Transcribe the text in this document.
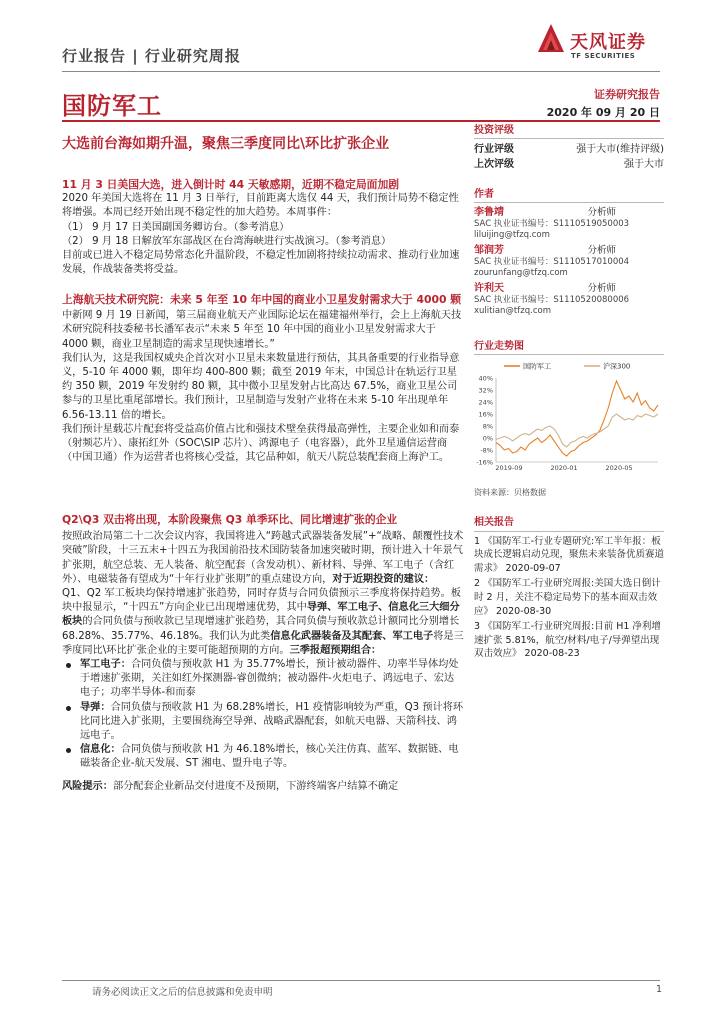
行业报告 | 行业研究周报
天风证券
TF SECURITIES
国防军工	证券研究报告
2020 年 09 月 20 日
大选前台海如期升温，聚焦三季度同比\环比扩张企业

11 月 3 日美国大选，进入倒计时 44 天敏感期，近期不稳定局面加剧

2020 年美国大选将在 11 月 3 日举行，目前距离大选仅 44 天，我们预计局势不稳定性将增强。本周已经开始出现不稳定性的加大趋势。本周事件：

（1） 9 月 17 日美国副国务卿访台。（参考消息）

（2） 9 月 18 日解放军东部战区在台湾海峡进行实战演习。（参考消息）

目前或已进入不稳定局势常态化升温阶段，不稳定性加剧将持续拉动需求、推动行业加速发展，作战装备类将受益。

上海航天技术研究院：未来 5 年至 10 年中国的商业小卫星发射需求大于 4000 颗

中新网 9 月 19 日新闻，第三届商业航天产业国际论坛在福建福州举行，会上上海航天技术研究院科技委秘书长潘军表示“未来 5 年至 10 年中国的商业小卫星发射需求大于 4000 颗，商业卫星制造的需求呈现快速增长。”

我们认为，这是我国权威央企首次对小卫星未来数量进行预估，其具备重要的行业指导意义，5-10 年 4000 颗，即年均 400-800 颗；截至 2019 年末，中国总计在轨运行卫星约 350 颗，2019 年发射约 80 颗，其中微小卫星发射占比高达 67.5%，商业卫星公司参与的卫星比重尾部增长。我们预计，卫星制造与发射产业将在未来 5-10 年出现单年 6.56-13.11 倍的增长。

我们预计星载芯片配套将受益高价值占比和强技术壁垒获得最高弹性，主要企业如和而泰（射频芯片）、康拓红外（SOC\SIP 芯片）、鸿源电子（电容器），此外卫星通信运营商（中国卫通）作为运营者也将核心受益，其它品种如，航天八院总装配套商上海沪工。

Q2\Q3 双击将出现，本阶段聚焦 Q3 单季环比、同比增速扩张的企业

按照政治局第二十二次会议内容，我国将进入“跨越式武器装备发展”+“战略、颠覆性技术突破”阶段，十三五末+十四五为我国前沿技术国防装备加速突破时期，预计进入十年景气扩张期，航空总装、无人装备、航空配套（含发动机）、新材料、导弹、军工电子（含红外）、电磁装备有望成为“十年行业扩张期”的重点建设方向，对于近期投资的建议：

Q1、Q2 军工板块均保持增速扩张趋势，同时存货与合同负债预示三季度将保持趋势。板块中报显示，“十四五”方向企业已出现增速优势，其中导弹、军工电子、信息化三大细分板块的合同负债与预收款已呈现增速扩张趋势，其合同负债与预收款总计额同比分别增长 68.28%、35.77%、46.18%。我们认为此类信息化武器装备及其配套、军工电子将是三季度同比\环比扩张企业的主要可能超预期的方向。三季报超预期组合：

军工电子：合同负债与预收款 H1 为 35.77%增长，预计被动器件、功率半导体均处于增速扩张期，关注如红外探测器-睿创微纳；被动器件-火炬电子、鸿远电子、宏达电子；功率半导体-和而泰
导弹：合同负债与预收款 H1 为 68.28%增长，H1 疫情影响较为严重，Q3 预计将环比同比进入扩张期，主要围绕海空导弹、战略武器配套，如航天电器、天箭科技、鸿远电子。
信息化：合同负债与预收款 H1 为 46.18%增长，核心关注仿真、蓝军、数据链、电磁装备企业-航天发展、ST 湘电、盟升电子等。

风险提示：部分配套企业新品交付进度不及预期，下游终端客户结算不确定

投资评级
行业评级	强于大市(维持评级)
上次评级	强于大市
作者
李鲁靖	分析师
SAC 执业证书编号：S1110519050003
liluijing@tfzq.com
邹润芳	分析师
SAC 执业证书编号：S1110517010004
zourunfang@tfzq.com
许利天	分析师
SAC 执业证书编号：S1110520080006
xulitian@tfzq.com
行业走势图
-16%
-8%
0%
8%
16%
24%
32%
40%
2019-09	2020-01	2020-05
国防军工	沪深300
资料来源：贝格数据
相关报告
1 《国防军工-行业专题研究:军工半年报：板块成长逻辑启动兑现，聚焦未来装备优质赛道需求》 2020-09-07
2 《国防军工-行业研究周报:美国大选日倒计时 2 月，关注不稳定局势下的基本面双击效应》 2020-08-30
3 《国防军工-行业研究周报:目前 H1 净利增速扩张 5.81%，航空/材料/电子/导弹望出现双击效应》 2020-08-23
请务必阅读正文之后的信息披露和免责申明	1
